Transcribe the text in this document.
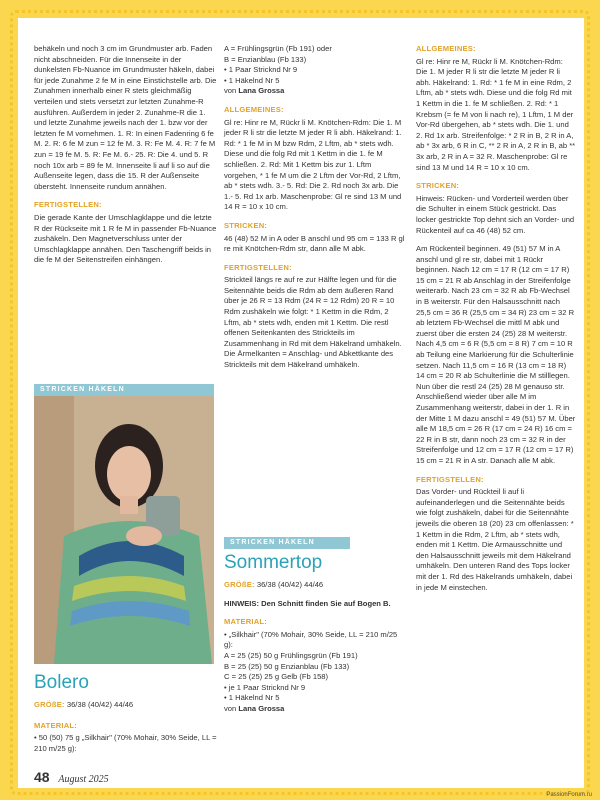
behäkeln und noch 3 cm im Grundmuster arb. Faden nicht abschneiden. Für die Innenseite in der dunkelsten Fb-Nuance im Grundmuster häkeln, dabei für jede Zunahme 2 fe M in eine Einstichstelle arb. Die Zunahmen innerhalb einer R stets gleichmäßig verteilen und stets versetzt zur letzten Zunahme-R ausführen. Außerdem in jeder 2. Zunahme-R die 1. und letzte Zunahme jeweils nach der 1. bzw vor der letzten fe M vornehmen. 1. R: In einen Fadenring 6 fe M. 2. R: 6 fe M zun = 12 fe M. 3. R: Fe M. 4. R: 7 fe M zun = 19 fe M. 5. R: Fe M. 6.- 25. R: Die 4. und 5. R noch 10x arb = 89 fe M. Innenseite li auf li so auf die Außenseite legen, dass die 15. R der Außenseite übersteht. Innenseite rundum annähen.

FERTIGSTELLEN:

Die gerade Kante der Umschlagklappe und die letzte R der Rückseite mit 1 R fe M in passender Fb-Nuance zushäkeln. Den Magnetverschluss unter der Umschlagklappe annähen. Den Taschengriff beids in die fe M der Seitenstreifen einhängen.

STRICKEN HÄKELN
Bolero
GRÖßE: 36/38 (40/42) 44/46
MATERIAL:
• 50 (50) 75 g „Silkhair" (70% Mohair, 30% Seide, LL = 210 m/25 g):
A = Frühlingsgrün (Fb 191) oder
B = Enzianblau (Fb 133)
• 1 Paar Stricknd Nr 9
• 1 Häkelnd Nr 5
von Lana Grossa
ALLGEMEINES:

Gl re: Hinr re M, Rückr li M. Knötchen-Rdm: Die 1. M jeder R li str die letzte M jeder R li abh. Häkelrand: 1. Rd: * 1 fe M in M bzw Rdm, 2 Lftm, ab * stets wdh. Diese und die folg Rd mit 1 Kettm in die 1. fe M schließen. 2. Rd: Mit 1 Kettm bis zur 1. Lftm vorgehen, * 1 fe M um die 2 Lftm der Vor-Rd, 2 Lftm, ab * stets wdh. 3.- 5. Rd: Die 2. Rd noch 3x arb. Die 1.- 5. Rd 1x arb. Maschenprobe: Gl re sind 13 M und 14 R = 10 x 10 cm.

STRICKEN:

46 (48) 52 M in A oder B anschl und 95 cm = 133 R gl re mit Knötchen-Rdm str, dann alle M abk.

FERTIGSTELLEN:

Strickteil längs re auf re zur Hälfte legen und für die Seitennähte beids die Rdm ab dem äußeren Rand über je 26 R = 13 Rdm (24 R = 12 Rdm) 20 R = 10 Rdm zushäkeln wie folgt: * 1 Kettm in die Rdm, 2 Lftm, ab * stets wdh, enden mit 1 Kettm. Die restl offenen Seitenkanten des Strickteils im Zusammenhang in Rd mit dem Häkelrand umhäkeln. Die Ärmelkanten = Anschlag- und Abkettkante des Strickteils mit dem Häkelrand umhäkeln.

STRICKEN HÄKELN
Sommertop
GRÖßE: 36/38 (40/42) 44/46

HINWEIS: Den Schnitt finden Sie auf Bogen B.

MATERIAL:
• „Silkhair" (70% Mohair, 30% Seide, LL = 210 m/25 g):
A = 25 (25) 50 g Frühlingsgrün (Fb 191)
B = 25 (25) 50 g Enzianblau (Fb 133)
C = 25 (25) 25 g Gelb (Fb 158)
• je 1 Paar Stricknd Nr 9
• 1 Häkelnd Nr 5
von Lana Grossa
ALLGEMEINES:

Gl re: Hinr re M, Rückr li M. Knötchen-Rdm: Die 1. M jeder R li str die letzte M jeder R li abh. Häkelrand: 1. Rd: * 1 fe M in eine Rdm, 2 Lftm, ab * stets wdh. Diese und die folg Rd mit 1 Kettm in die 1. fe M schließen. 2. Rd: * 1 Krebsm (= fe M von li nach re), 1 Lftm, 1 M der Vor-Rd übergehen, ab * stets wdh. Die 1. und 2. Rd 1x arb. Streifenfolge: * 2 R in B, 2 R in A, ab * 3x arb, 6 R in C, ** 2 R in A, 2 R in B, ab ** 3x arb, 2 R in A = 32 R. Maschenprobe: Gl re sind 13 M und 14 R = 10 x 10 cm.

STRICKEN:

Hinweis: Rücken- und Vorderteil werden über die Schulter in einem Stück gestrickt. Das locker gestrickte Top dehnt sich an Vorder- und Rückenteil auf ca 46 (48) 52 cm.

Am Rückenteil beginnen. 49 (51) 57 M in A anschl und gl re str, dabei mit 1 Rückr beginnen. Nach 12 cm = 17 R (12 cm = 17 R) 15 cm = 21 R ab Anschlag in der Streifenfolge weiterarb. Nach 23 cm = 32 R ab Fb-Wechsel in B weiterstr. Für den Halsausschnitt nach 25,5 cm = 36 R (25,5 cm = 34 R) 23 cm = 32 R ab letztem Fb-Wechsel die mittl M abk und zuerst über die ersten 24 (25) 28 M weiterstr. Nach 4,5 cm = 6 R (5,5 cm = 8 R) 7 cm = 10 R ab Teilung eine Markierung für die Schulterlinie setzen. Nach 11,5 cm = 16 R (13 cm = 18 R) 14 cm = 20 R ab Schulterlinie die M stilllegen. Nun über die restl 24 (25) 28 M genauso str. Anschließend wieder über alle M im Zusammenhang weiterstr, dabei in der 1. R in der Mitte 1 M dazu anschl = 49 (51) 57 M. Über alle M 18,5 cm = 26 R (17 cm = 24 R) 16 cm = 22 R in B str, dann noch 23 cm = 32 R in der Streifenfolge und 12 cm = 17 R (12 cm = 17 R) 15 cm = 21 R in A str. Danach alle M abk.

FERTIGSTELLEN:

Das Vorder- und Rückteil li auf li aufeinanderlegen und die Seitennähte beids wie folgt zushäkeln, dabei für die Seitennähte jeweils die oberen 18 (20) 23 cm offenlassen: * 1 Kettm in die Rdm, 2 Lftm, ab * stets wdh, enden mit 1 Kettm. Die Armausschnitte und den Halsausschnitt jeweils mit dem Häkelrand umhäkeln. Den unteren Rand des Tops locker mit der 1. Rd des Häkelrands umhäkeln, dabei in jede M einstechen.

48 August 2025
PassionForum.ru
